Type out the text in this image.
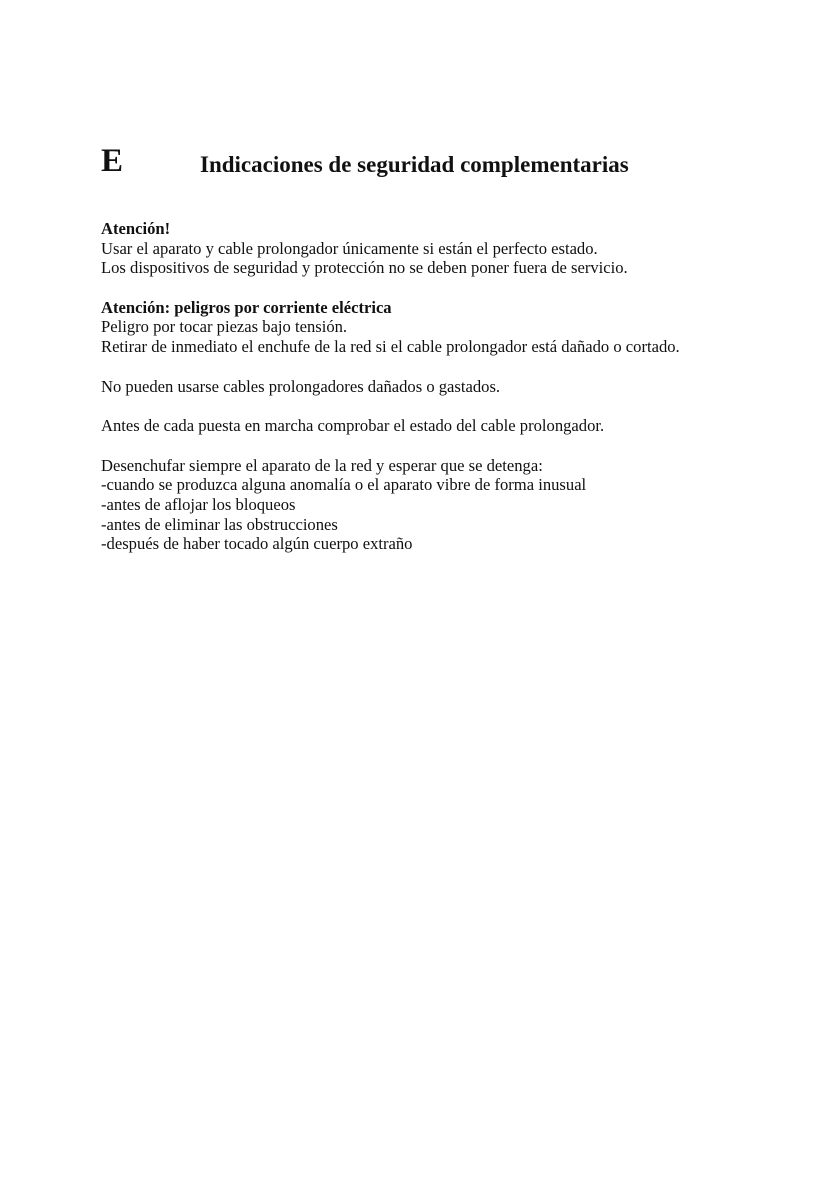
E	Indicaciones de seguridad complementarias
Atención!
Usar el aparato y cable prolongador únicamente si están el perfecto estado.
Los dispositivos de seguridad y protección no se deben poner fuera de servicio.
Atención: peligros por corriente eléctrica
Peligro por tocar piezas bajo tensión.
Retirar de inmediato el enchufe de la red si el cable prolongador está dañado o cortado.
No pueden usarse cables prolongadores dañados o gastados.
Antes de cada puesta en marcha comprobar el estado del cable prolongador.
Desenchufar siempre el aparato de la red y esperar que se detenga:
-cuando se produzca alguna anomalía o el aparato vibre de forma inusual
-antes de aflojar los bloqueos
-antes de eliminar las obstrucciones
-después de haber tocado algún cuerpo extraño
